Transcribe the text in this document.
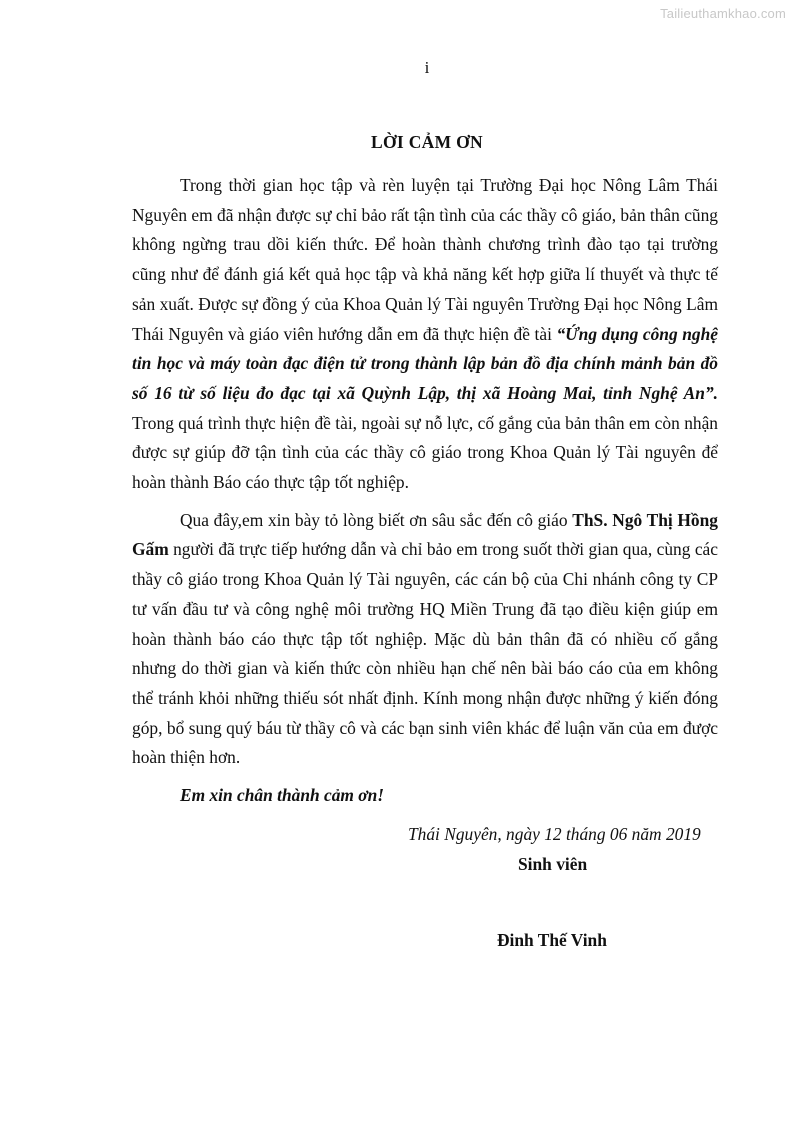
Tailieuthamkhao.com
i
LỜI CẢM ƠN

Trong thời gian học tập và rèn luyện tại Trường Đại học Nông Lâm Thái Nguyên em đã nhận được sự chỉ bảo rất tận tình của các thầy cô giáo, bản thân cũng không ngừng trau dồi kiến thức. Để hoàn thành chương trình đào tạo tại trường cũng như để đánh giá kết quả học tập và khả năng kết hợp giữa lí thuyết và thực tế sản xuất. Được sự đồng ý của Khoa Quản lý Tài nguyên Trường Đại học Nông Lâm Thái Nguyên và giáo viên hướng dẫn em đã thực hiện đề tài “Ứng dụng công nghệ tin học và máy toàn đạc điện tử trong thành lập bản đồ địa chính mảnh bản đồ số 16 từ số liệu đo đạc tại xã Quỳnh Lập, thị xã Hoàng Mai, tỉnh Nghệ An”. Trong quá trình thực hiện đề tài, ngoài sự nỗ lực, cố gắng của bản thân em còn nhận được sự giúp đỡ tận tình của các thầy cô giáo trong Khoa Quản lý Tài nguyên để hoàn thành Báo cáo thực tập tốt nghiệp.

Qua đây,em xin bày tỏ lòng biết ơn sâu sắc đến cô giáo ThS. Ngô Thị Hồng Gấm người đã trực tiếp hướng dẫn và chỉ bảo em trong suốt thời gian qua, cùng các thầy cô giáo trong Khoa Quản lý Tài nguyên, các cán bộ của Chi nhánh công ty CP tư vấn đầu tư và công nghệ môi trường HQ Miền Trung đã tạo điều kiện giúp em hoàn thành báo cáo thực tập tốt nghiệp. Mặc dù bản thân đã có nhiều cố gắng nhưng do thời gian và kiến thức còn nhiều hạn chế nên bài báo cáo của em không thể tránh khỏi những thiếu sót nhất định. Kính mong nhận được những ý kiến đóng góp, bổ sung quý báu từ thầy cô và các bạn sinh viên khác để luận văn của em được hoàn thiện hơn.

Em xin chân thành cảm ơn!
Thái Nguyên, ngày 12 tháng 06 năm 2019
Sinh viên
Đinh Thế Vinh
